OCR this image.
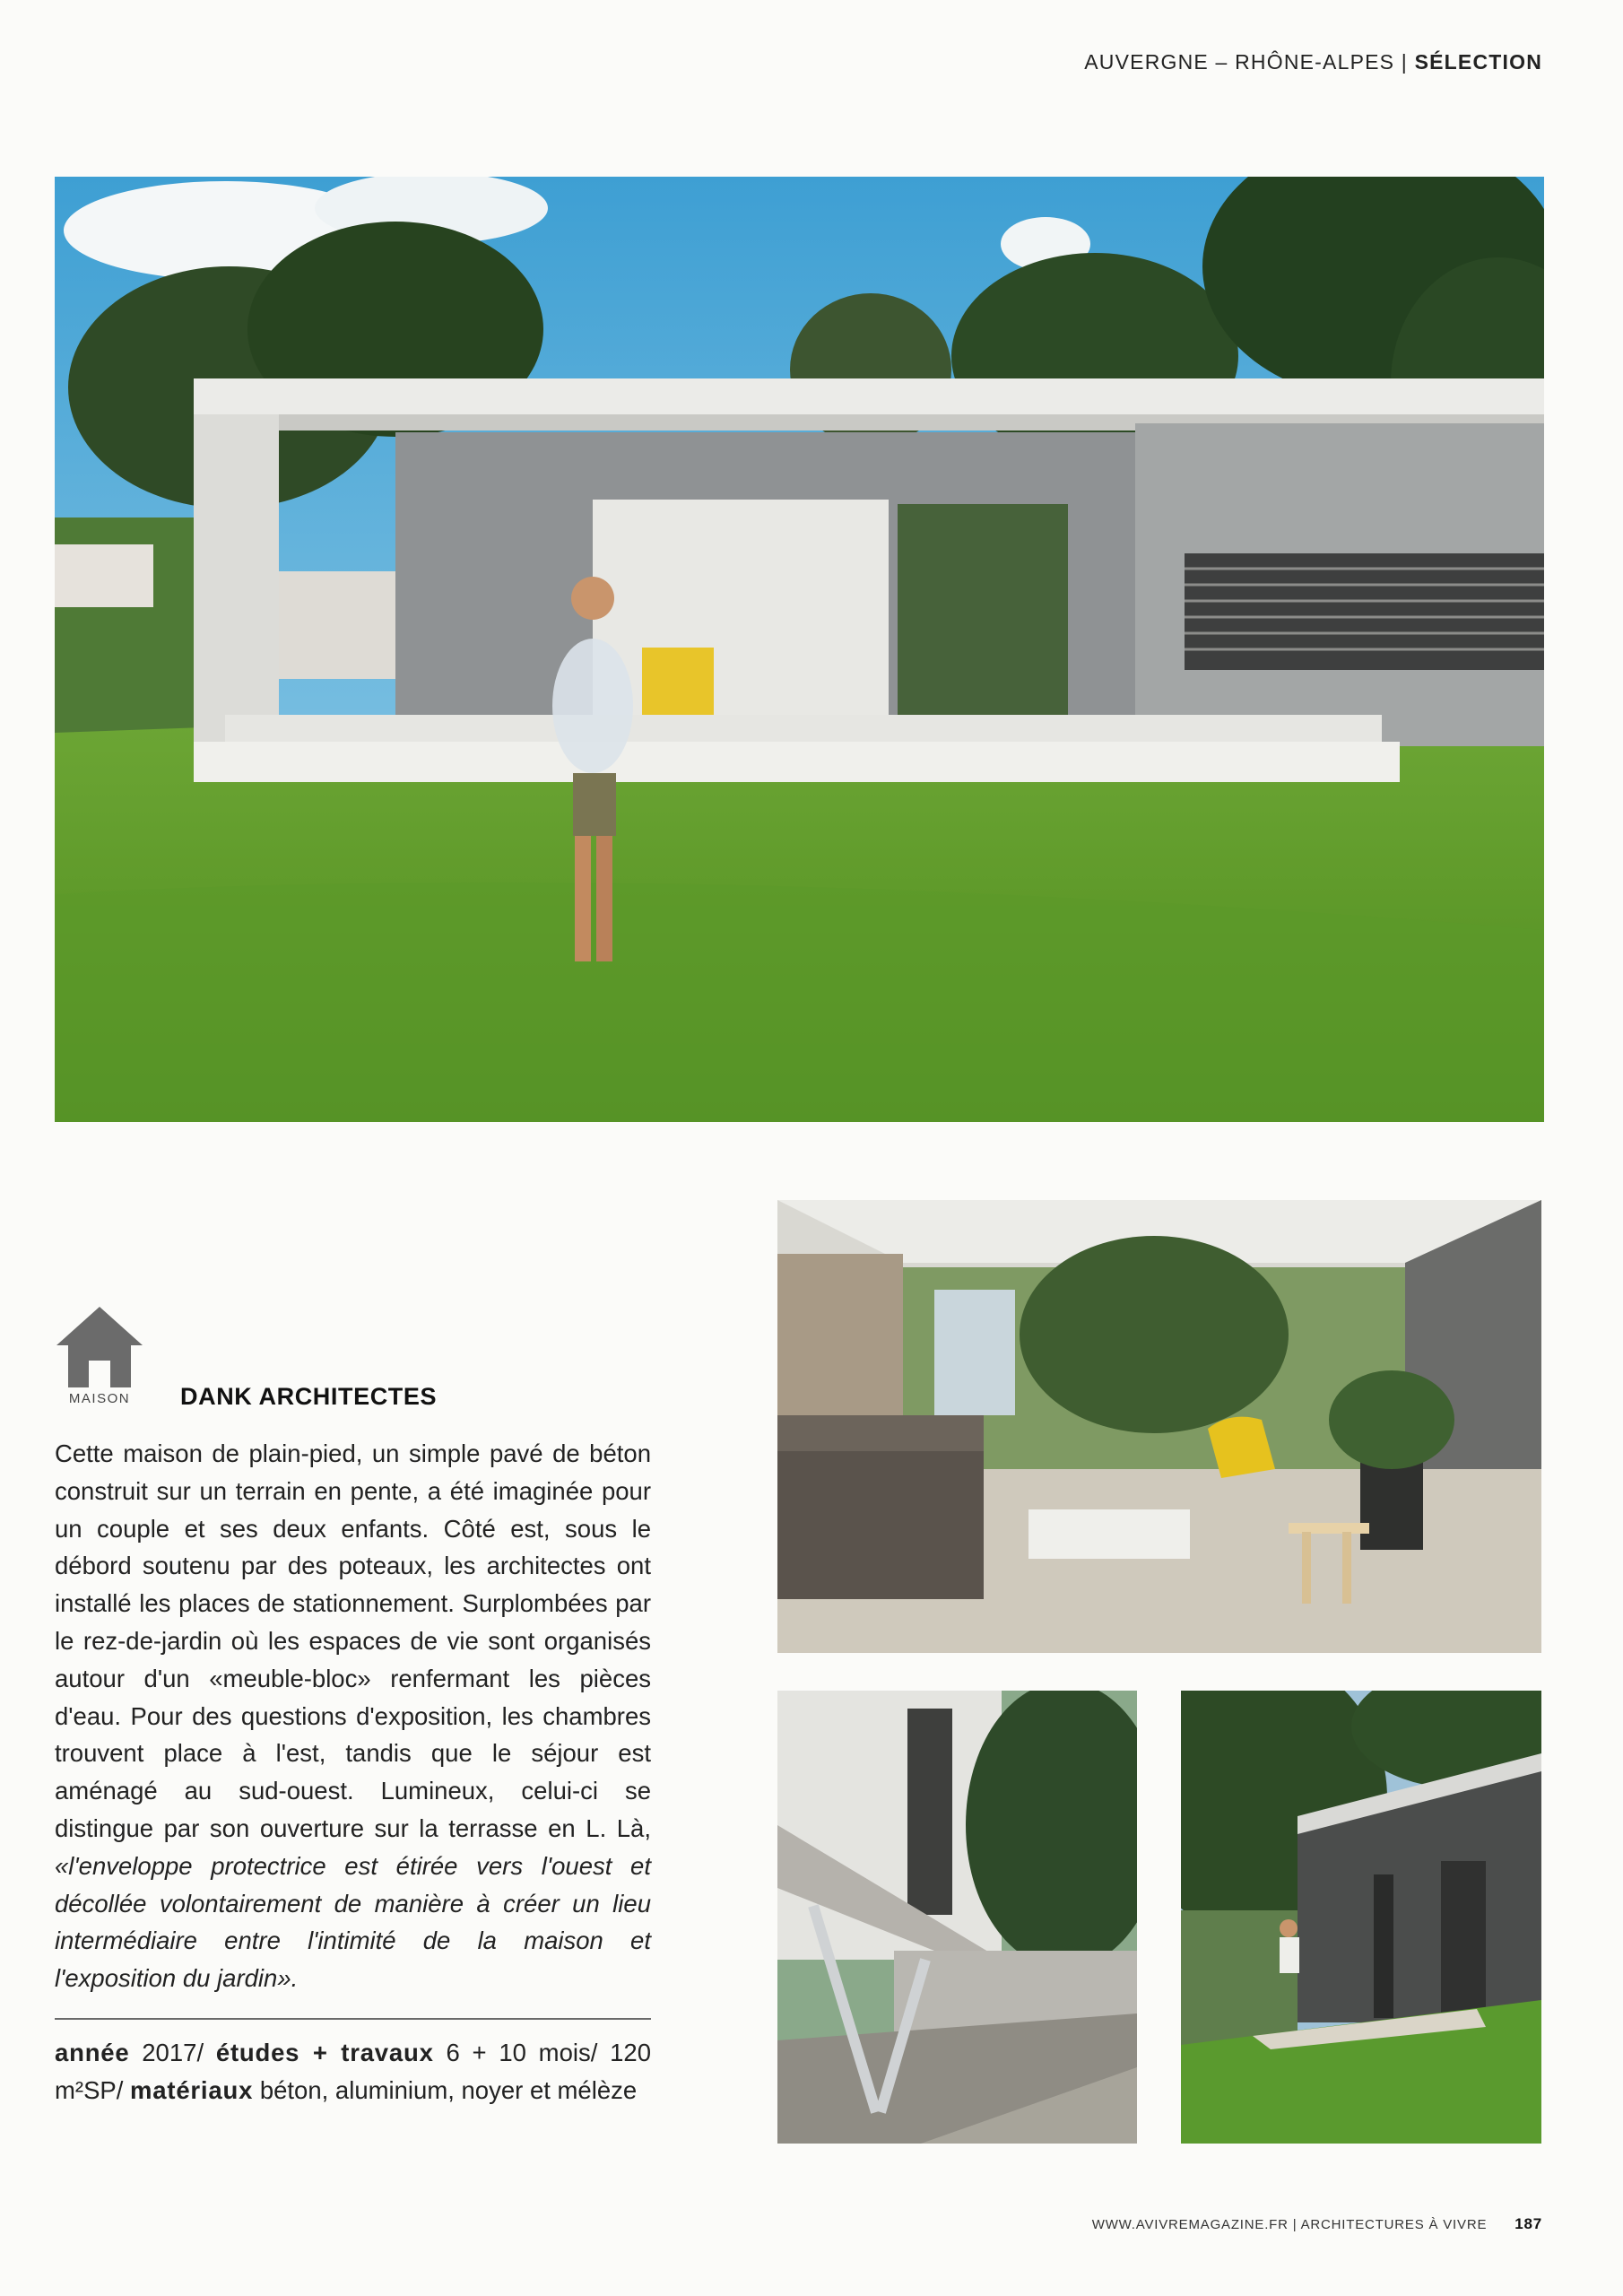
AUVERGNE – RHÔNE-ALPES | SÉLECTION
MAISON	DANK ARCHITECTES
Cette maison de plain-pied, un simple pavé de béton construit sur un terrain en pente, a été imaginée pour un couple et ses deux enfants. Côté est, sous le débord soutenu par des poteaux, les architectes ont installé les places de stationnement. Surplombées par le rez-de-jardin où les espaces de vie sont organisés autour d'un «meuble-bloc» renfermant les pièces d'eau. Pour des questions d'exposition, les chambres trouvent place à l'est, tandis que le séjour est aménagé au sud-ouest. Lumineux, celui-ci se distingue par son ouverture sur la terrasse en L. Là, «l'enveloppe protectrice est étirée vers l'ouest et décollée volontairement de manière à créer un lieu intermédiaire entre l'intimité de la maison et l'exposition du jardin».
année 2017/ études + travaux 6 + 10 mois/ 120 m²SP/ matériaux béton, aluminium, noyer et mélèze
WWW.AVIVREMAGAZINE.FR | ARCHITECTURES À VIVRE 187
